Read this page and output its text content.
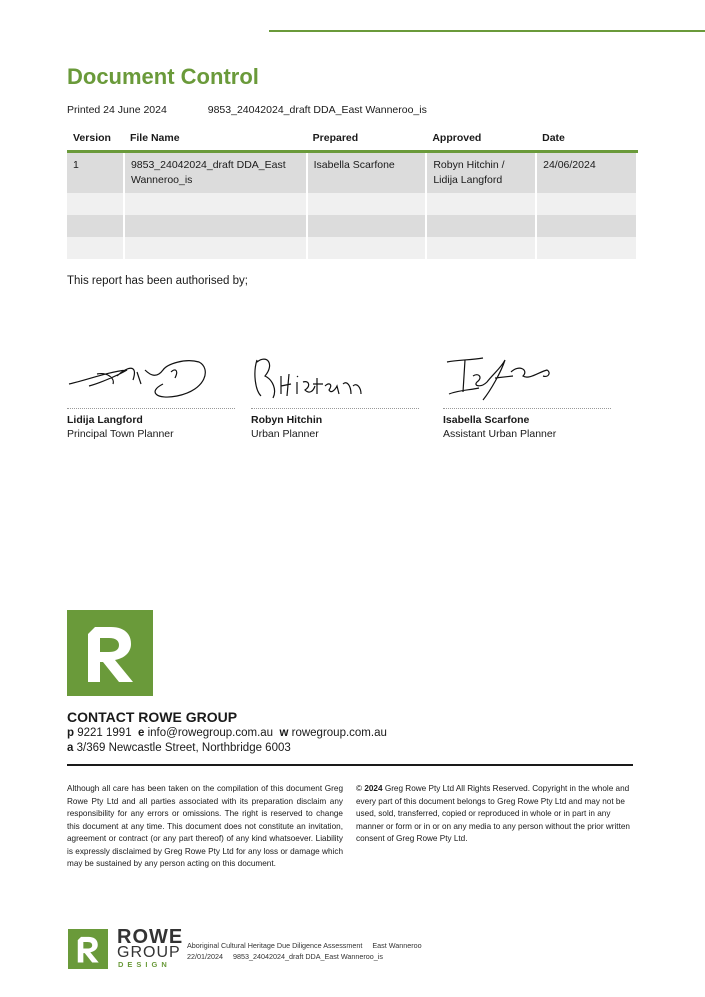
Document Control
Printed 24 June 2024	9853_24042024_draft DDA_East Wanneroo_is
Version	File Name	Prepared	Approved	Date
1	9853_24042024_draft DDA_East Wanneroo_is	Isabella Scarfone	Robyn Hitchin / Lidija Langford	24/06/2024

This report has been authorised by;

Lidija Langford
Principal Town Planner
Robyn Hitchin
Urban Planner
Isabella Scarfone
Assistant Urban Planner
CONTACT ROWE GROUP
p 9221 1991 e info@rowegroup.com.au w rowegroup.com.au
a 3/369 Newcastle Street, Northbridge 6003

Although all care has been taken on the compilation of this document Greg Rowe Pty Ltd and all parties associated with its preparation disclaim any responsibility for any errors or omissions. The right is reserved to change this document at any time. This document does not constitute an invitation, agreement or contract (or any part thereof) of any kind whatsoever. Liability is expressly disclaimed by Greg Rowe Pty Ltd for any loss or damage which may be sustained by any person acting on this document.

© 2024 Greg Rowe Pty Ltd All Rights Reserved. Copyright in the whole and every part of this document belongs to Greg Rowe Pty Ltd and may not be used, sold, transferred, copied or reproduced in whole or in part in any manner or form or in or on any media to any person without the prior written consent of Greg Rowe Pty Ltd.

ROWE
GROUP
DESIGN
Aboriginal Cultural Heritage Due Diligence Assessment East Wanneroo
22/01/2024 9853_24042024_draft DDA_East Wanneroo_is
